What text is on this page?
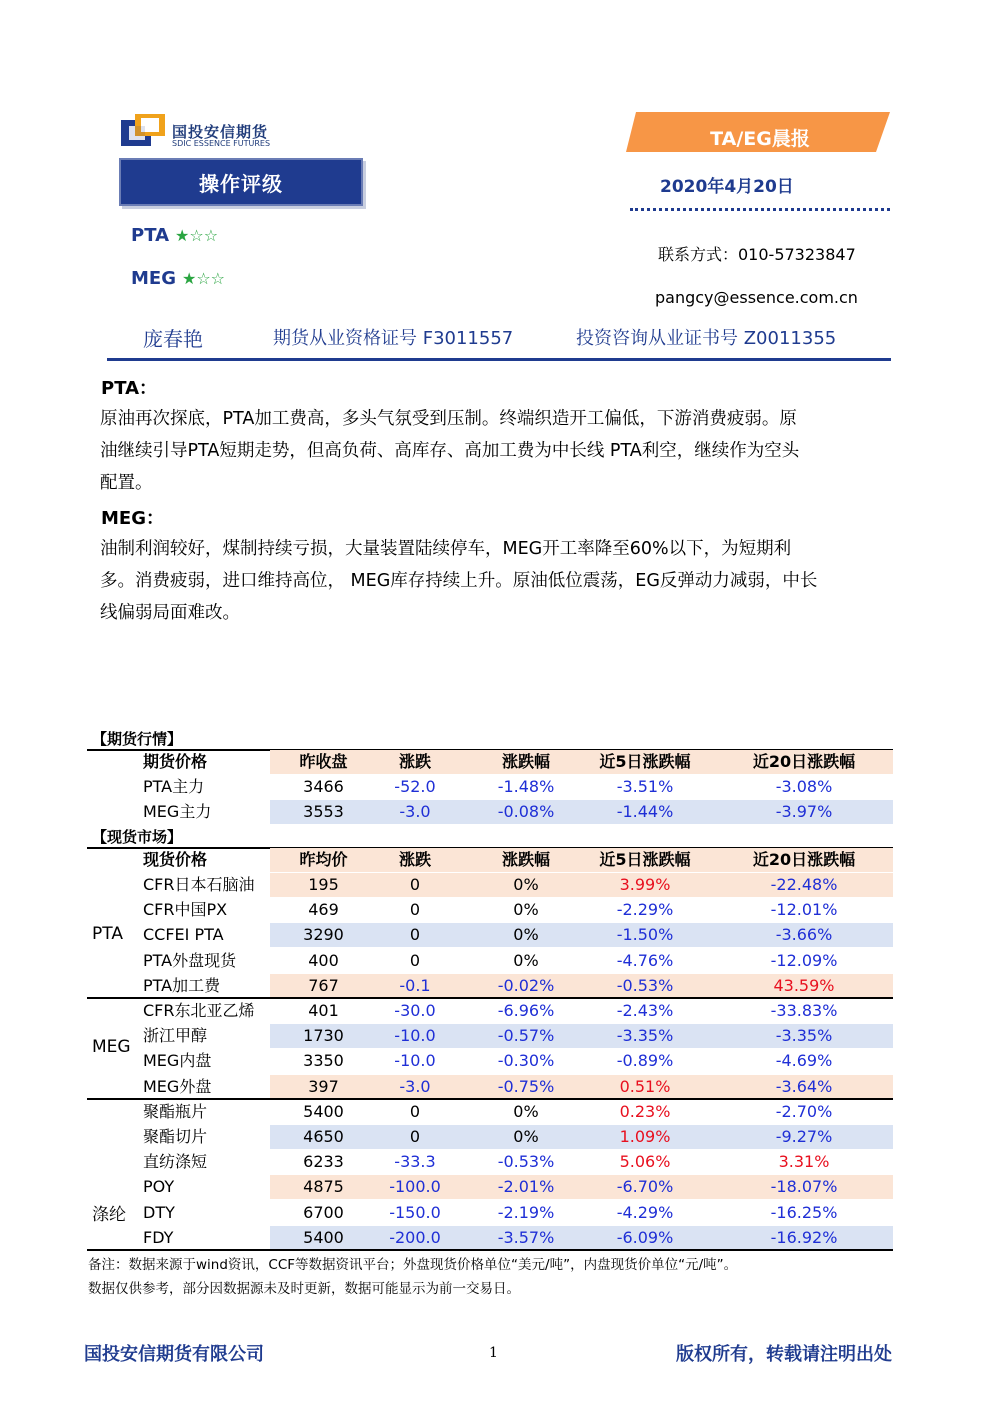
国投安信期货
SDIC ESSENCE FUTURES	TA/EG晨报
操作评级	2020年4月20日
PTA ★☆☆
MEG ★☆☆
联系方式：010-57323847
pangcy@essence.com.cn
庞春艳	期货从业资格证号 F3011557	投资咨询从业证书号 Z0011355
PTA：
原油再次探底，PTA加工费高，多头气氛受到压制。终端织造开工偏低，下游消费疲弱。原
油继续引导PTA短期走势，但高负荷、高库存、高加工费为中长线 PTA利空，继续作为空头
配置。
MEG：
油制利润较好，煤制持续亏损，大量装置陆续停车，MEG开工率降至60%以下，为短期利
多。消费疲弱，进口维持高位， MEG库存持续上升。原油低位震荡，EG反弹动力减弱，中长
线偏弱局面难改。
【期货行情】
期货价格	昨收盘	涨跌	涨跌幅	近5日涨跌幅	近20日涨跌幅
PTA主力	3466	-52.0	-1.48%	-3.51%	-3.08%
MEG主力	3553	-3.0	-0.08%	-1.44%	-3.97%
【现货市场】
现货价格	昨均价	涨跌	涨跌幅	近5日涨跌幅	近20日涨跌幅
CFR日本石脑油	195	0	0%	3.99%	-22.48%
CFR中国PX	469	0	0%	-2.29%	-12.01%
CCFEI PTA	3290	0	0%	-1.50%	-3.66%
PTA外盘现货	400	0	0%	-4.76%	-12.09%
PTA加工费	767	-0.1	-0.02%	-0.53%	43.59%
CFR东北亚乙烯	401	-30.0	-6.96%	-2.43%	-33.83%
浙江甲醇	1730	-10.0	-0.57%	-3.35%	-3.35%
MEG内盘	3350	-10.0	-0.30%	-0.89%	-4.69%
MEG外盘	397	-3.0	-0.75%	0.51%	-3.64%
聚酯瓶片	5400	0	0%	0.23%	-2.70%
聚酯切片	4650	0	0%	1.09%	-9.27%
直纺涤短	6233	-33.3	-0.53%	5.06%	3.31%
POY	4875	-100.0	-2.01%	-6.70%	-18.07%
DTY	6700	-150.0	-2.19%	-4.29%	-16.25%
FDY	5400	-200.0	-3.57%	-6.09%	-16.92%
PTA
MEG
涤纶
备注：数据来源于wind资讯，CCF等数据资讯平台；外盘现货价格单位“美元/吨”，内盘现货价单位“元/吨”。
数据仅供参考，部分因数据源未及时更新，数据可能显示为前一交易日。
国投安信期货有限公司	1	版权所有，转载请注明出处
